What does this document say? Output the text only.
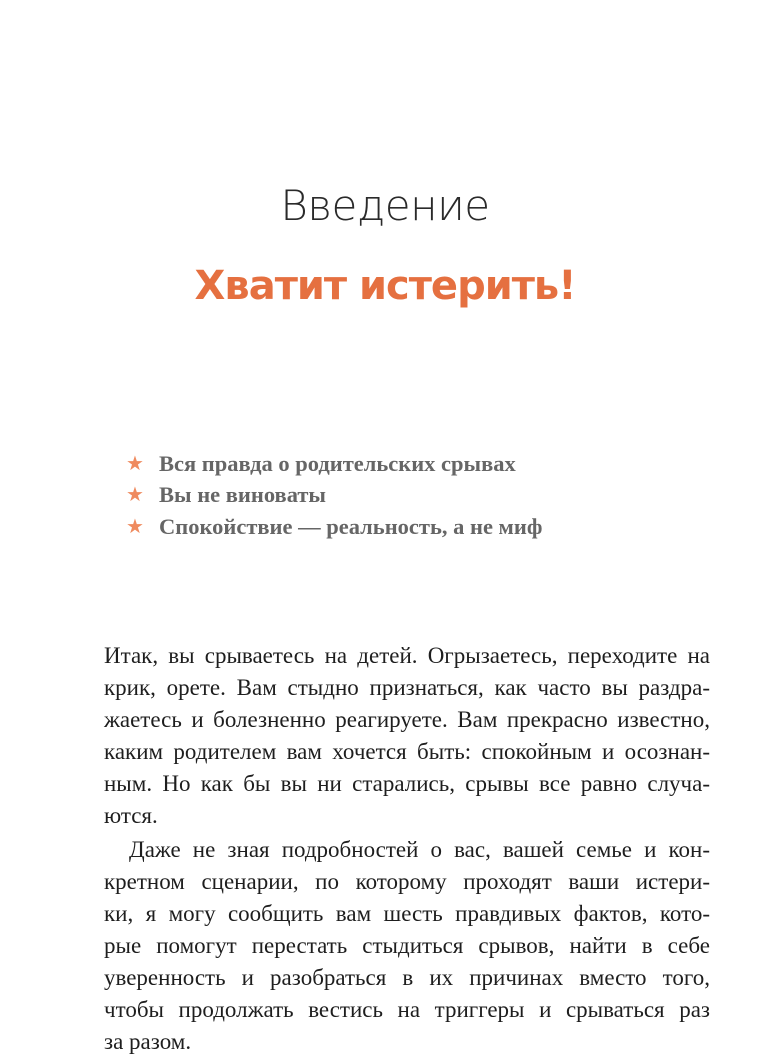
Введение
Хватит истерить!
★ Вся правда о родительских срывах
★ Вы не виноваты
★ Спокойствие — реальность, а не миф
Итак, вы срываетесь на детей. Огрызаетесь, переходите на
крик, орете. Вам стыдно признаться, как часто вы раздра-
жаетесь и болезненно реагируете. Вам прекрасно известно,
каким родителем вам хочется быть: спокойным и осознан-
ным. Но как бы вы ни старались, срывы все равно случа-
ются.
Даже не зная подробностей о вас, вашей семье и кон-
кретном сценарии, по которому проходят ваши истери-
ки, я могу сообщить вам шесть правдивых фактов, кото-
рые помогут перестать стыдиться срывов, найти в себе
уверенность и разобраться в их причинах вместо того,
чтобы продолжать вестись на триггеры и срываться раз
за разом.
